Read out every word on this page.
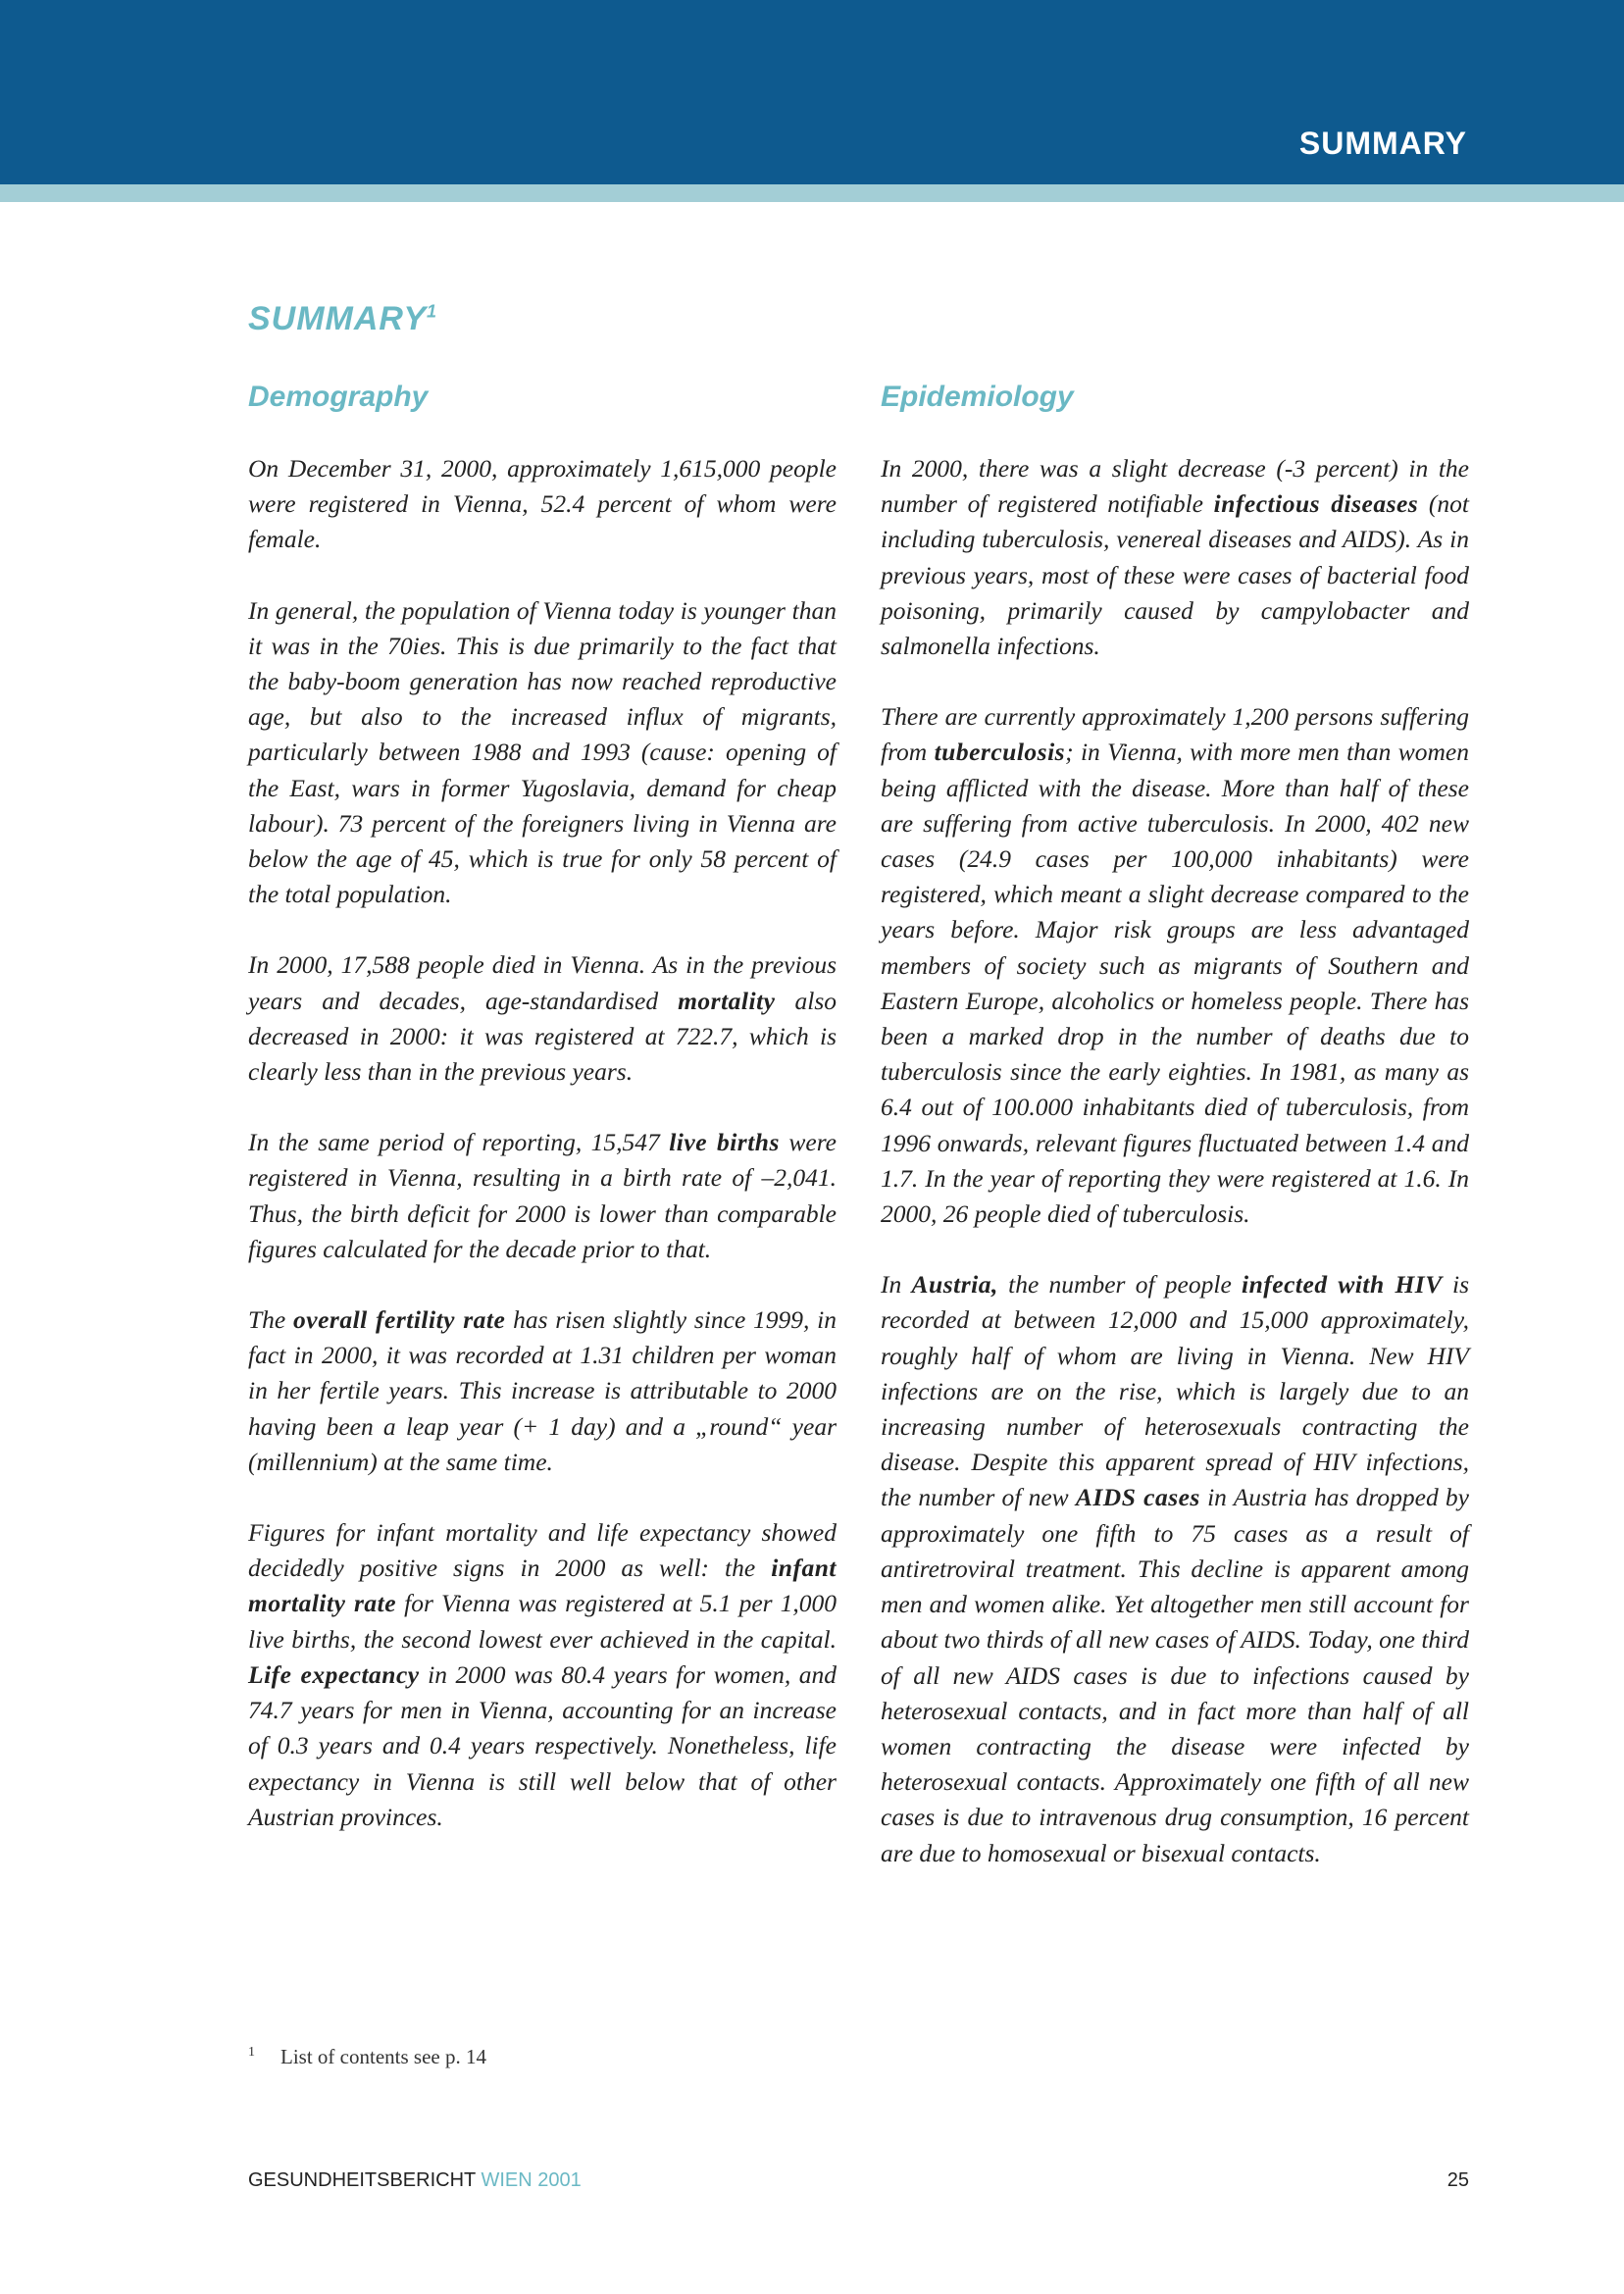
SUMMARY
SUMMARY$^1$
Demography

On December 31, 2000, approximately 1,615,000 people were registered in Vienna, 52.4 percent of whom were female.

In general, the population of Vienna today is younger than it was in the 70ies. This is due primarily to the fact that the baby-boom generation has now reached reproductive age, but also to the increased influx of migrants, particularly between 1988 and 1993 (cause: opening of the East, wars in former Yugoslavia, demand for cheap labour). 73 percent of the foreigners living in Vienna are below the age of 45, which is true for only 58 percent of the total population.

In 2000, 17,588 people died in Vienna. As in the previous years and decades, age-standardised mortality also decreased in 2000: it was registered at 722.7, which is clearly less than in the previous years.

In the same period of reporting, 15,547 live births were registered in Vienna, resulting in a birth rate of –2,041. Thus, the birth deficit for 2000 is lower than comparable figures calculated for the decade prior to that.

The overall fertility rate has risen slightly since 1999, in fact in 2000, it was recorded at 1.31 children per woman in her fertile years. This increase is attributable to 2000 having been a leap year (+ 1 day) and a „round“ year (millennium) at the same time.

Figures for infant mortality and life expectancy showed decidedly positive signs in 2000 as well: the infant mortality rate for Vienna was registered at 5.1 per 1,000 live births, the second lowest ever achieved in the capital. Life expectancy in 2000 was 80.4 years for women, and 74.7 years for men in Vienna, accounting for an increase of 0.3 years and 0.4 years respectively. Nonetheless, life expectancy in Vienna is still well below that of other Austrian provinces.

Epidemiology

In 2000, there was a slight decrease (-3 percent) in the number of registered notifiable infectious diseases (not including tuberculosis, venereal diseases and AIDS). As in previous years, most of these were cases of bacterial food poisoning, primarily caused by campylobacter and salmonella infections.

There are currently approximately 1,200 persons suffering from tuberculosis; in Vienna, with more men than women being afflicted with the disease. More than half of these are suffering from active tuberculosis. In 2000, 402 new cases (24.9 cases per 100,000 inhabitants) were registered, which meant a slight decrease compared to the years before. Major risk groups are less advantaged members of society such as migrants of Southern and Eastern Europe, alcoholics or homeless people. There has been a marked drop in the number of deaths due to tuberculosis since the early eighties. In 1981, as many as 6.4 out of 100.000 inhabitants died of tuberculosis, from 1996 onwards, relevant figures fluctuated between 1.4 and 1.7. In the year of reporting they were registered at 1.6. In 2000, 26 people died of tuberculosis.

In Austria, the number of people infected with HIV is recorded at between 12,000 and 15,000 approximately, roughly half of whom are living in Vienna. New HIV infections are on the rise, which is largely due to an increasing number of heterosexuals contracting the disease. Despite this apparent spread of HIV infections, the number of new AIDS cases in Austria has dropped by approximately one fifth to 75 cases as a result of antiretroviral treatment. This decline is apparent among men and women alike. Yet altogether men still account for about two thirds of all new cases of AIDS. Today, one third of all new AIDS cases is due to infections caused by heterosexual contacts, and in fact more than half of all women contracting the disease were infected by heterosexual contacts. Approximately one fifth of all new cases is due to intravenous drug consumption, 16 percent are due to homosexual or bisexual contacts.

$^1$ List of contents see p. 14
GESUNDHEITSBERICHT WIEN 2001	25
